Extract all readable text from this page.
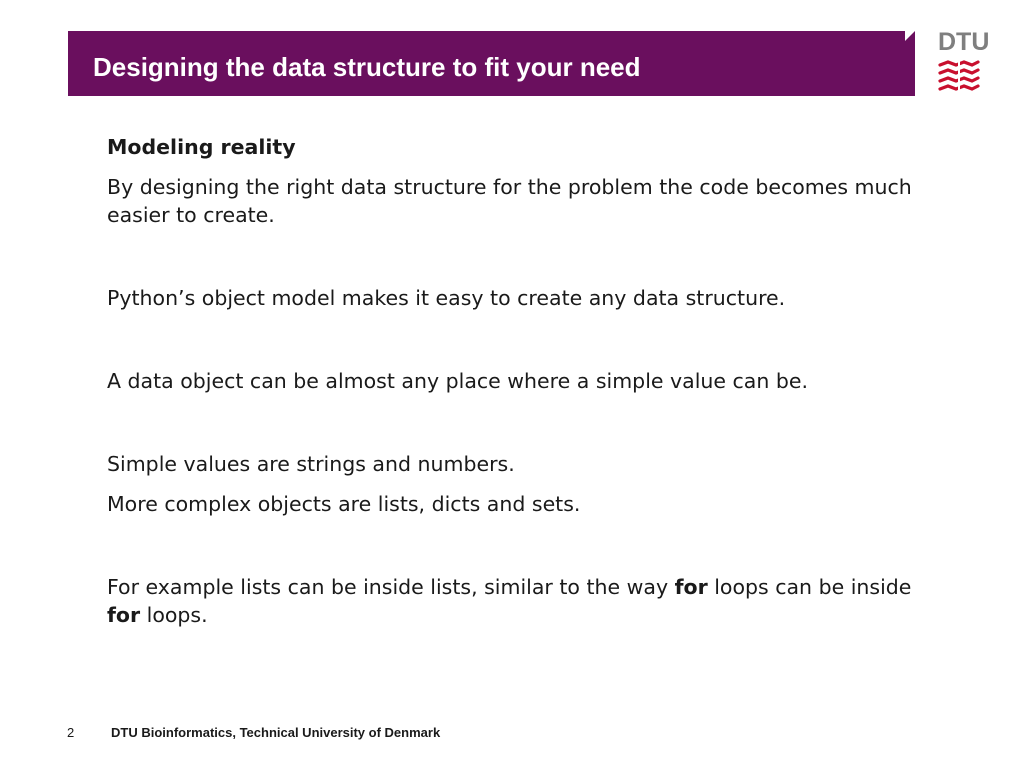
Designing the data structure to fit your need
DTU

Modeling reality

By designing the right data structure for the problem the code becomes much easier to create.

Python’s object model makes it easy to create any data structure.

A data object can be almost any place where a simple value can be.

Simple values are strings and numbers.

More complex objects are lists, dicts and sets.

For example lists can be inside lists, similar to the way for loops can be inside for loops.

2	DTU Bioinformatics, Technical University of Denmark
